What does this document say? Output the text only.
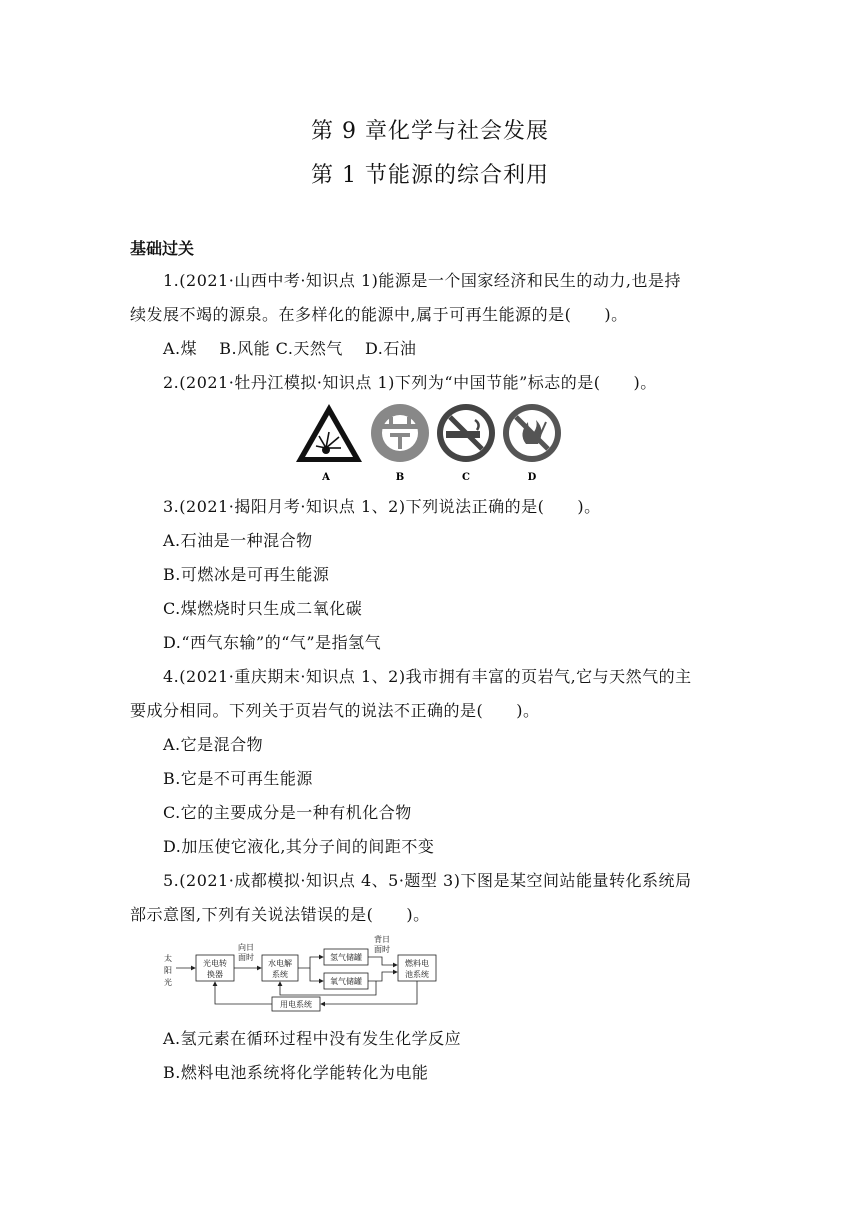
第 9 章化学与社会发展
第 1 节能源的综合利用
基础过关
1.(2021·山西中考·知识点 1)能源是一个国家经济和民生的动力,也是持
续发展不竭的源泉。在多样化的能源中,属于可再生能源的是(　　)。
A.煤　 B.风能 C.天然气 　D.石油
2.(2021·牡丹江模拟·知识点 1)下列为“中国节能”标志的是(　　)。
A	B	C	D
3.(2021·揭阳月考·知识点 1、2)下列说法正确的是(　　)。
A.石油是一种混合物
B.可燃冰是可再生能源
C.煤燃烧时只生成二氧化碳
D.“西气东输”的“气”是指氢气
4.(2021·重庆期末·知识点 1、2)我市拥有丰富的页岩气,它与天然气的主
要成分相同。下列关于页岩气的说法不正确的是(　　)。
A.它是混合物
B.它是不可再生能源
C.它的主要成分是一种有机化合物
D.加压使它液化,其分子间的间距不变
5.(2021·成都模拟·知识点 4、5·题型 3)下图是某空间站能量转化系统局
部示意图,下列有关说法错误的是(　　)。
太
阳
光
光电转
换器
向日
面时
水电解
系统
氢气储罐
氧气储罐
背日
面时
燃料电
池系统
用电系统
A.氢元素在循环过程中没有发生化学反应
B.燃料电池系统将化学能转化为电能
